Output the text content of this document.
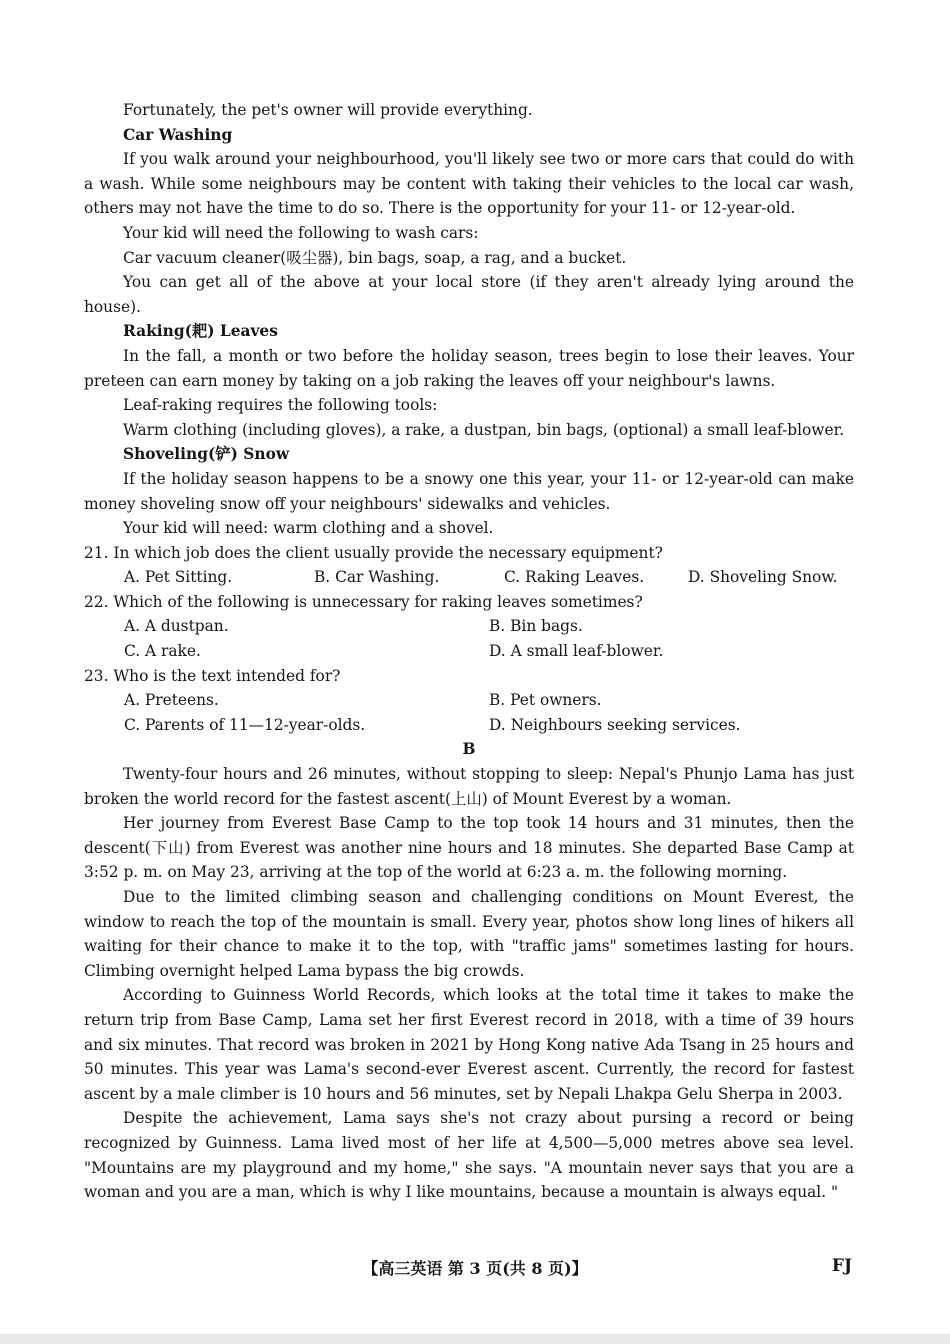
Fortunately, the pet's owner will provide everything.

Car Washing

If you walk around your neighbourhood, you'll likely see two or more cars that could do with a wash. While some neighbours may be content with taking their vehicles to the local car wash, others may not have the time to do so. There is the opportunity for your 11- or 12-year-old.

Your kid will need the following to wash cars:

Car vacuum cleaner(吸尘器), bin bags, soap, a rag, and a bucket.

You can get all of the above at your local store (if they aren't already lying around the house).

Raking(耙) Leaves

In the fall, a month or two before the holiday season, trees begin to lose their leaves. Your preteen can earn money by taking on a job raking the leaves off your neighbour's lawns.

Leaf-raking requires the following tools:

Warm clothing (including gloves), a rake, a dustpan, bin bags, (optional) a small leaf-blower.

Shoveling(铲) Snow

If the holiday season happens to be a snowy one this year, your 11- or 12-year-old can make money shoveling snow off your neighbours' sidewalks and vehicles.

Your kid will need: warm clothing and a shovel.

21. In which job does the client usually provide the necessary equipment?
A. Pet Sitting.	B. Car Washing.	C. Raking Leaves.	D. Shoveling Snow.
22. Which of the following is unnecessary for raking leaves sometimes?
A. A dustpan.	B. Bin bags.
C. A rake.	D. A small leaf-blower.
23. Who is the text intended for?
A. Preteens.	B. Pet owners.
C. Parents of 11—12-year-olds.	D. Neighbours seeking services.
B

Twenty-four hours and 26 minutes, without stopping to sleep: Nepal's Phunjo Lama has just broken the world record for the fastest ascent(上山) of Mount Everest by a woman.

Her journey from Everest Base Camp to the top took 14 hours and 31 minutes, then the descent(下山) from Everest was another nine hours and 18 minutes. She departed Base Camp at 3:52 p. m. on May 23, arriving at the top of the world at 6:23 a. m. the following morning.

Due to the limited climbing season and challenging conditions on Mount Everest, the window to reach the top of the mountain is small. Every year, photos show long lines of hikers all waiting for their chance to make it to the top, with "traffic jams" sometimes lasting for hours. Climbing overnight helped Lama bypass the big crowds.

According to Guinness World Records, which looks at the total time it takes to make the return trip from Base Camp, Lama set her first Everest record in 2018, with a time of 39 hours and six minutes. That record was broken in 2021 by Hong Kong native Ada Tsang in 25 hours and 50 minutes. This year was Lama's second-ever Everest ascent. Currently, the record for fastest ascent by a male climber is 10 hours and 56 minutes, set by Nepali Lhakpa Gelu Sherpa in 2003.

Despite the achievement, Lama says she's not crazy about pursing a record or being recognized by Guinness. Lama lived most of her life at 4,500—5,000 metres above sea level. "Mountains are my playground and my home," she says. "A mountain never says that you are a woman and you are a man, which is why I like mountains, because a mountain is always equal. "

【高三英语 第 3 页(共 8 页)】	FJ
